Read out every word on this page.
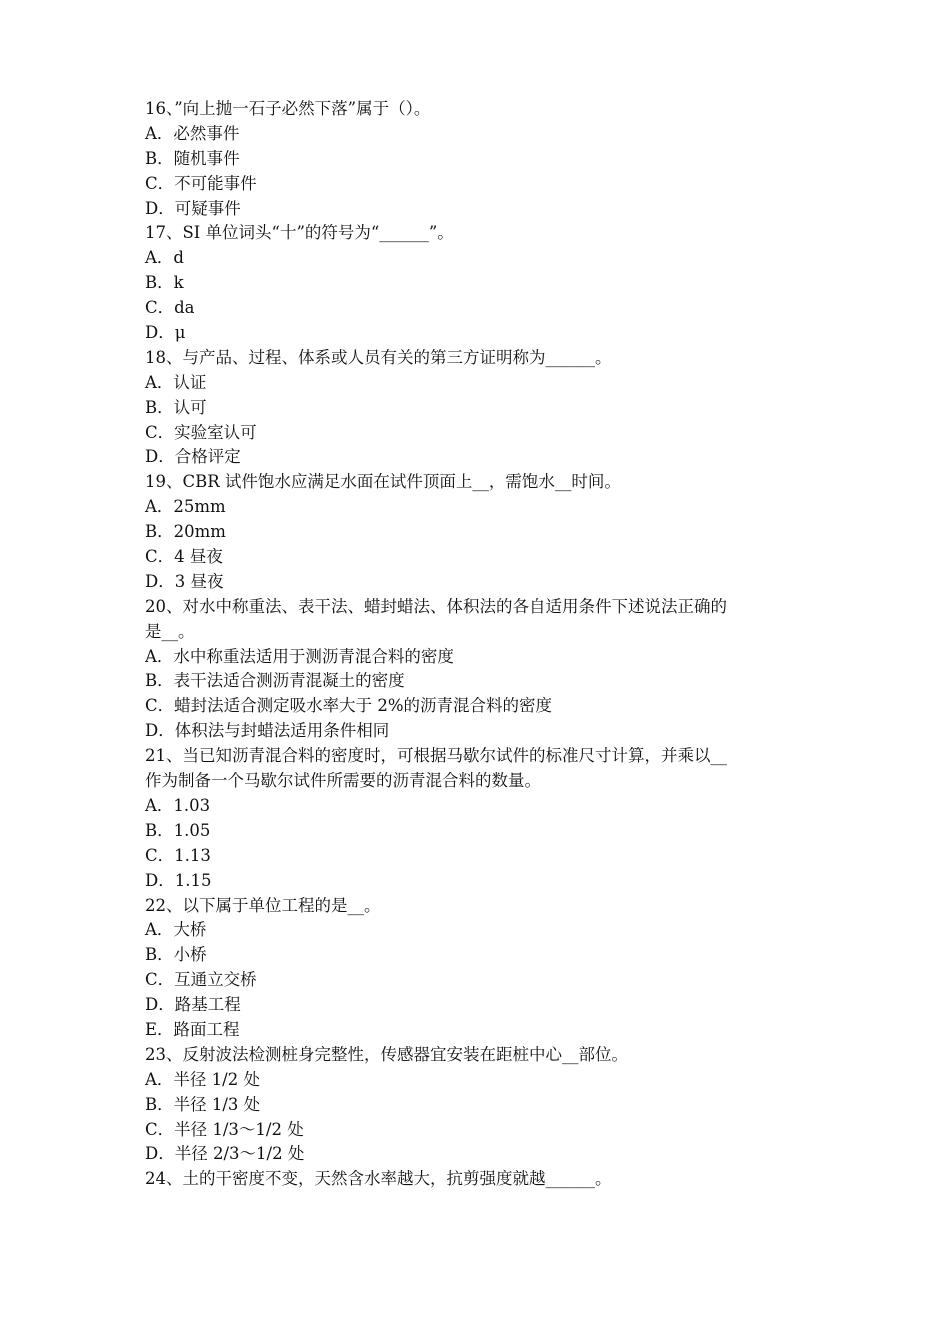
16、”向上抛一石子必然下落”属于（）。
A．必然事件
B．随机事件
C．不可能事件
D．可疑事件
17、SI 单位词头“十”的符号为“______”。
A．d
B．k
C．da
D．μ
18、与产品、过程、体系或人员有关的第三方证明称为______。
A．认证
B．认可
C．实验室认可
D．合格评定
19、CBR 试件饱水应满足水面在试件顶面上__，需饱水__时间。
A．25mm
B．20mm
C．4 昼夜
D．3 昼夜
20、对水中称重法、表干法、蜡封蜡法、体积法的各自适用条件下述说法正确的
是__。
A．水中称重法适用于测沥青混合料的密度
B．表干法适合测沥青混凝土的密度
C．蜡封法适合测定吸水率大于 2%的沥青混合料的密度
D．体积法与封蜡法适用条件相同
21、当已知沥青混合料的密度时，可根据马歇尔试件的标准尺寸计算，并乘以__
作为制备一个马歇尔试件所需要的沥青混合料的数量。
A．1.03
B．1.05
C．1.13
D．1.15
22、以下属于单位工程的是__。
A．大桥
B．小桥
C．互通立交桥
D．路基工程
E．路面工程
23、反射波法检测桩身完整性，传感器宜安装在距桩中心__部位。
A．半径 1/2 处
B．半径 1/3 处
C．半径 1/3～1/2 处
D．半径 2/3～1/2 处
24、土的干密度不变，天然含水率越大，抗剪强度就越______。
